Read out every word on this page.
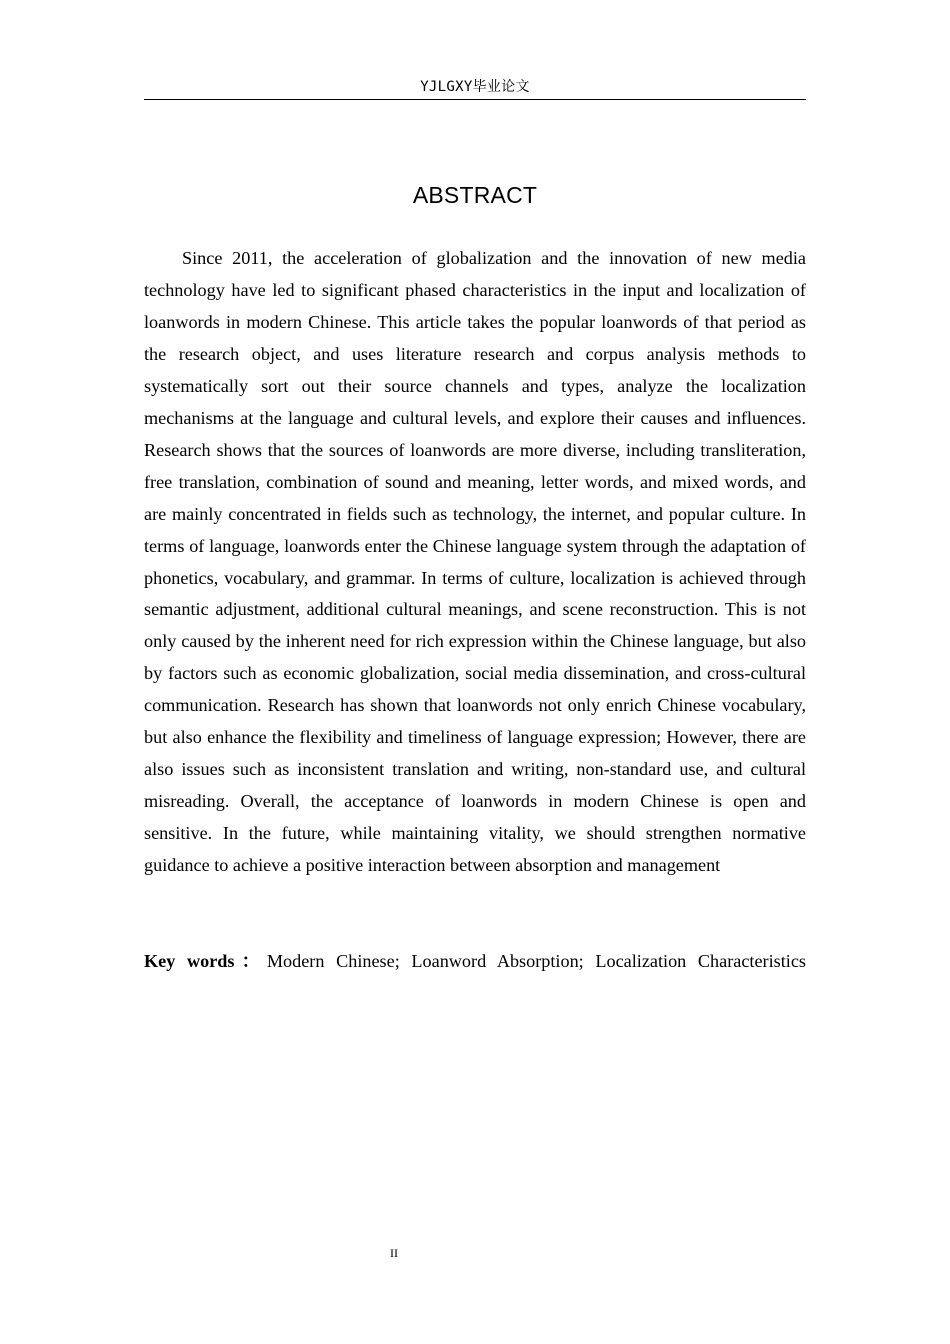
YJLGXY毕业论文
ABSTRACT

Since 2011, the acceleration of globalization and the innovation of new media technology have led to significant phased characteristics in the input and localization of loanwords in modern Chinese. This article takes the popular loanwords of that period as the research object, and uses literature research and corpus analysis methods to systematically sort out their source channels and types, analyze the localization mechanisms at the language and cultural levels, and explore their causes and influences. Research shows that the sources of loanwords are more diverse, including transliteration, free translation, combination of sound and meaning, letter words, and mixed words, and are mainly concentrated in fields such as technology, the internet, and popular culture. In terms of language, loanwords enter the Chinese language system through the adaptation of phonetics, vocabulary, and grammar. In terms of culture, localization is achieved through semantic adjustment, additional cultural meanings, and scene reconstruction. This is not only caused by the inherent need for rich expression within the Chinese language, but also by factors such as economic globalization, social media dissemination, and cross-cultural communication. Research has shown that loanwords not only enrich Chinese vocabulary, but also enhance the flexibility and timeliness of language expression; However, there are also issues such as inconsistent translation and writing, non-standard use, and cultural misreading. Overall, the acceptance of loanwords in modern Chinese is open and sensitive. In the future, while maintaining vitality, we should strengthen normative guidance to achieve a positive interaction between absorption and management

Key words：Modern Chinese; Loanword Absorption; Localization Characteristics

II
